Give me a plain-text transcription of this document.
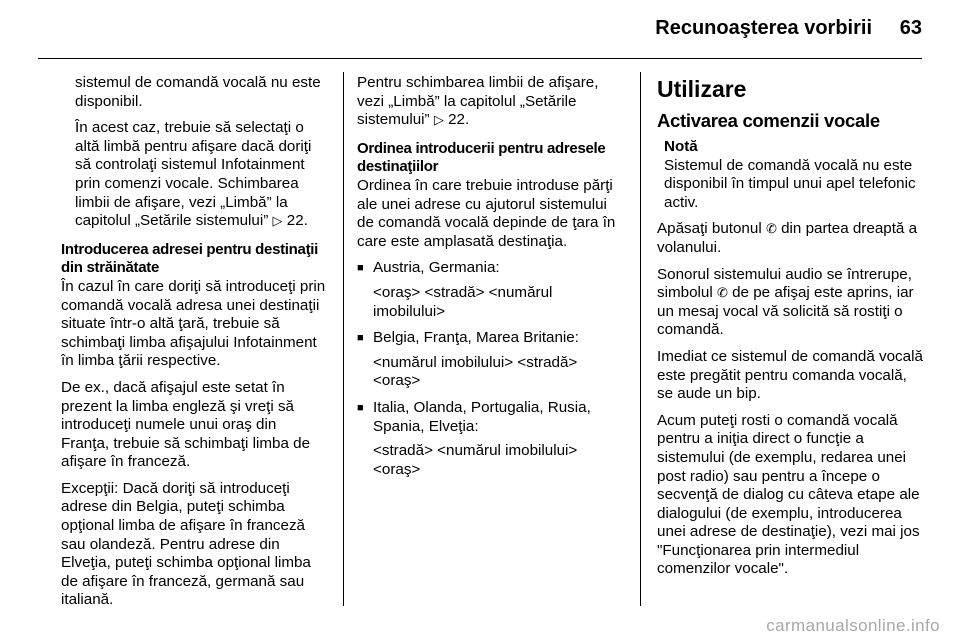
Recunoaşterea vorbirii 63

sistemul de comandă vocală nu este disponibil.

În acest caz, trebuie să selectaţi o altă limbă pentru afişare dacă doriţi să controlaţi sistemul Infotainment prin comenzi vocale. Schimbarea limbii de afişare, vezi „Limbă” la capitolul „Setările sistemului” ▷ 22.

Introducerea adresei pentru destinaţii din străinătate

În cazul în care doriţi să introduceţi prin comandă vocală adresa unei destinaţii situate într-o altă ţară, trebuie să schimbaţi limba afişajului Infotainment în limba ţării respective.

De ex., dacă afişajul este setat în prezent la limba engleză şi vreţi să introduceţi numele unui oraş din Franţa, trebuie să schimbaţi limba de afişare în franceză.

Excepţii: Dacă doriţi să introduceţi adrese din Belgia, puteţi schimba opţional limba de afişare în franceză sau olandeză. Pentru adrese din Elveţia, puteţi schimba opţional limba de afişare în franceză, germană sau italiană.

Pentru schimbarea limbii de afişare, vezi „Limbă” la capitolul „Setările sistemului” ▷ 22.

Ordinea introducerii pentru adresele destinaţiilor

Ordinea în care trebuie introduse părţi ale unei adrese cu ajutorul sistemului de comandă vocală depinde de ţara în care este amplasată destinaţia.

■ Austria, Germania:
<oraş> <stradă> <numărul imobilului>
■ Belgia, Franţa, Marea Britanie:
<numărul imobilului> <stradă> <oraş>
■ Italia, Olanda, Portugalia, Rusia, Spania, Elveţia:
<stradă> <numărul imobilului> <oraş>
Utilizare
Activarea comenzii vocale
Notă
Sistemul de comandă vocală nu este disponibil în timpul unui apel telefonic activ.

Apăsaţi butonul ✆ din partea dreaptă a volanului.

Sonorul sistemului audio se întrerupe, simbolul ✆ de pe afişaj este aprins, iar un mesaj vocal vă solicită să rostiţi o comandă.

Imediat ce sistemul de comandă vocală este pregătit pentru comanda vocală, se aude un bip.

Acum puteţi rosti o comandă vocală pentru a iniţia direct o funcţie a sistemului (de exemplu, redarea unei post radio) sau pentru a începe o secvenţă de dialog cu câteva etape ale dialogului (de exemplu, introducerea unei adrese de destinaţie), vezi mai jos "Funcţionarea prin intermediul comenzilor vocale".

carmanualsonline.info
